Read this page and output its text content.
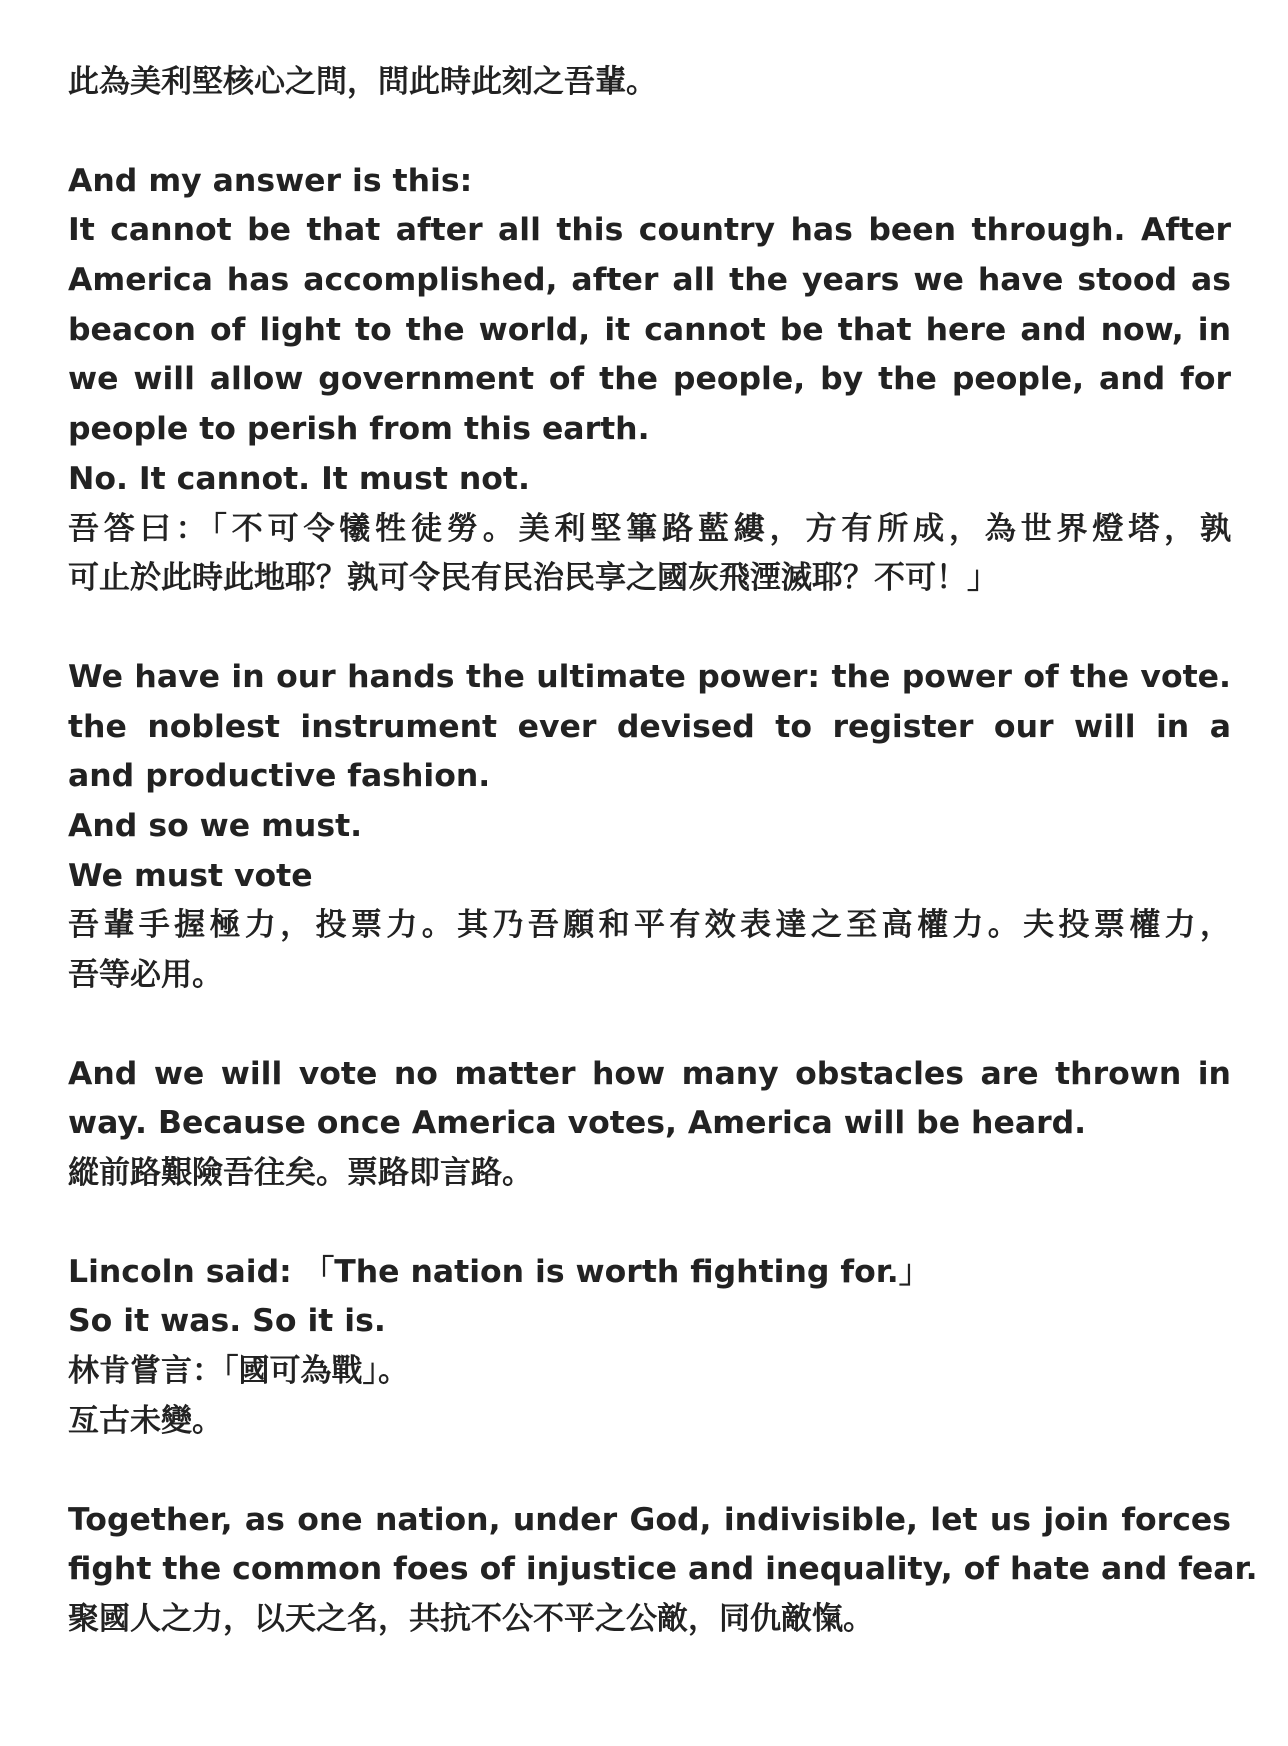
此為美利堅核心之問，問此時此刻之吾輩。
And my answer is this:
It cannot be that after all this country has been through. After
America has accomplished, after all the years we have stood as
beacon of light to the world, it cannot be that here and now, in
we will allow government of the people, by the people, and for
people to perish from this earth.
No. It cannot. It must not.
吾答曰：「不可令犧牲徒勞。美利堅篳路藍縷，方有所成，為世界燈塔，孰
可止於此時此地耶？孰可令民有民治民享之國灰飛湮滅耶？不可！」
We have in our hands the ultimate power: the power of the vote.
the noblest instrument ever devised to register our will in a
and productive fashion.
And so we must.
We must vote
吾輩手握極力，投票力。其乃吾願和平有效表達之至高權力。夫投票權力，
吾等必用。
And we will vote no matter how many obstacles are thrown in
way. Because once America votes, America will be heard.
縱前路艱險吾往矣。票路即言路。
Lincoln said: 「The nation is worth fighting for.」
So it was. So it is.
林肯嘗言：「國可為戰」。
亙古未變。
Together, as one nation, under God, indivisible, let us join forces
fight the common foes of injustice and inequality, of hate and fear.
聚國人之力，以天之名，共抗不公不平之公敵，同仇敵愾。
